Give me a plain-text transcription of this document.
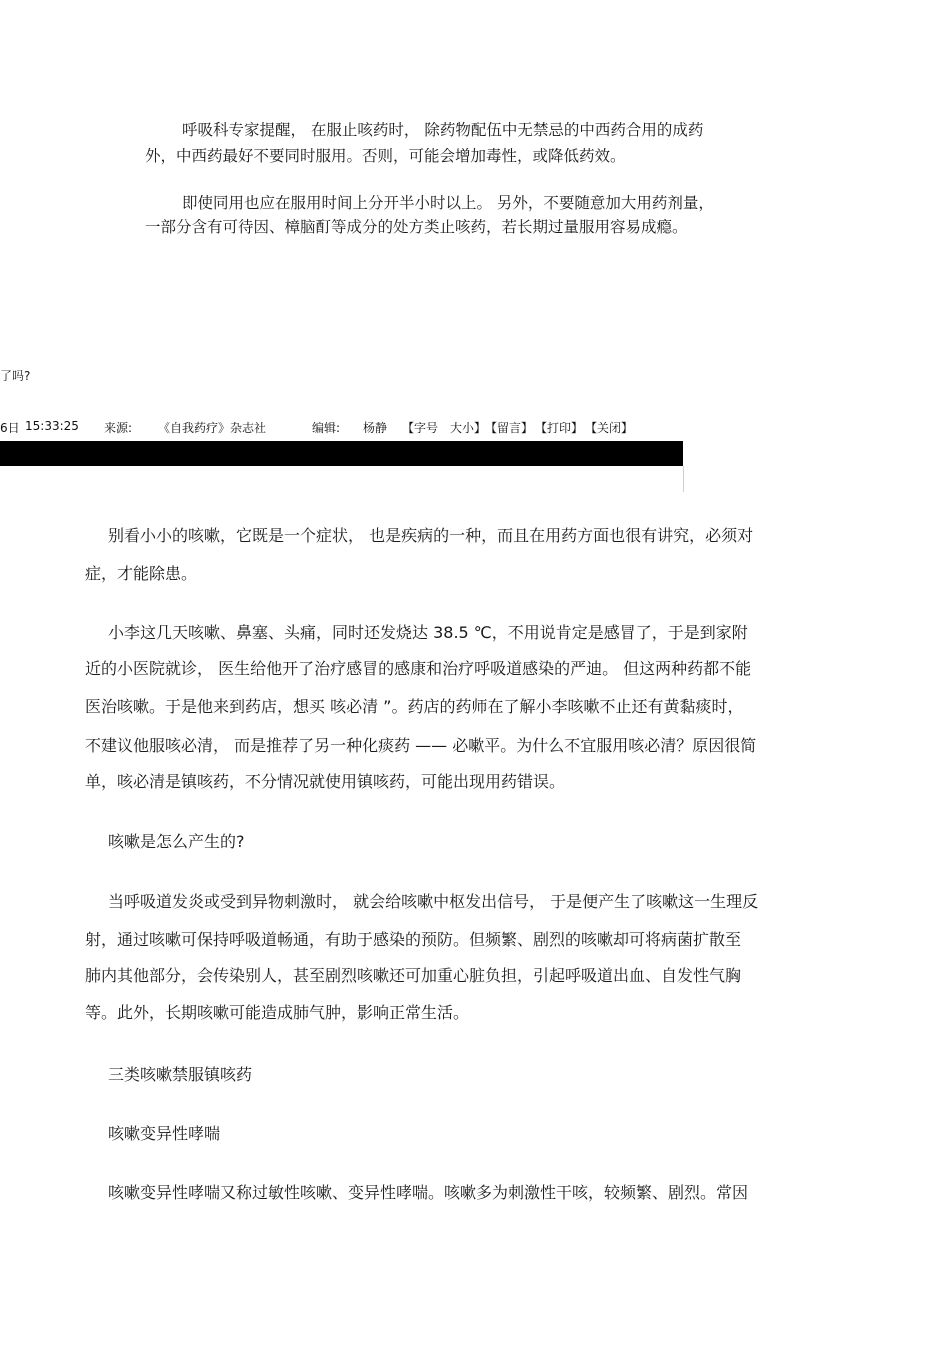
呼吸科专家提醒， 在服止咳药时， 除药物配伍中无禁忌的中西药合用的成药
外，中西药最好不要同时服用。否则，可能会增加毒性，或降低药效。
即使同用也应在服用时间上分开半小时以上。 另外，不要随意加大用药剂量，
一部分含有可待因、樟脑酊等成分的处方类止咳药，若长期过量服用容易成瘾。
了吗?
6日 15:33:25 来源: 《自我药疗》杂志社	编辑: 杨静 【字号 大小】
【留言】 【打印】 【关闭】
别看小小的咳嗽，它既是一个症状， 也是疾病的一种，而且在用药方面也很有讲究，必须对
症，才能除患。
小李这几天咳嗽、鼻塞、头痛，同时还发烧达 38.5 ℃，不用说肯定是感冒了，于是到家附
近的小医院就诊， 医生给他开了治疗感冒的感康和治疗呼吸道感染的严迪。 但这两种药都不能
医治咳嗽。于是他来到药店，想买 咳必清 ”。药店的药师在了解小李咳嗽不止还有黄黏痰时，
不建议他服咳必清， 而是推荐了另一种化痰药 —— 必嗽平。为什么不宜服用咳必清？原因很简
单，咳必清是镇咳药，不分情况就使用镇咳药，可能出现用药错误。
咳嗽是怎么产生的?
当呼吸道发炎或受到异物刺激时， 就会给咳嗽中枢发出信号， 于是便产生了咳嗽这一生理反
射，通过咳嗽可保持呼吸道畅通，有助于感染的预防。但频繁、剧烈的咳嗽却可将病菌扩散至
肺内其他部分，会传染别人，甚至剧烈咳嗽还可加重心脏负担，引起呼吸道出血、自发性气胸
等。此外，长期咳嗽可能造成肺气肿，影响正常生活。
三类咳嗽禁服镇咳药
咳嗽变异性哮喘
咳嗽变异性哮喘又称过敏性咳嗽、变异性哮喘。咳嗽多为刺激性干咳，较频繁、剧烈。常因
